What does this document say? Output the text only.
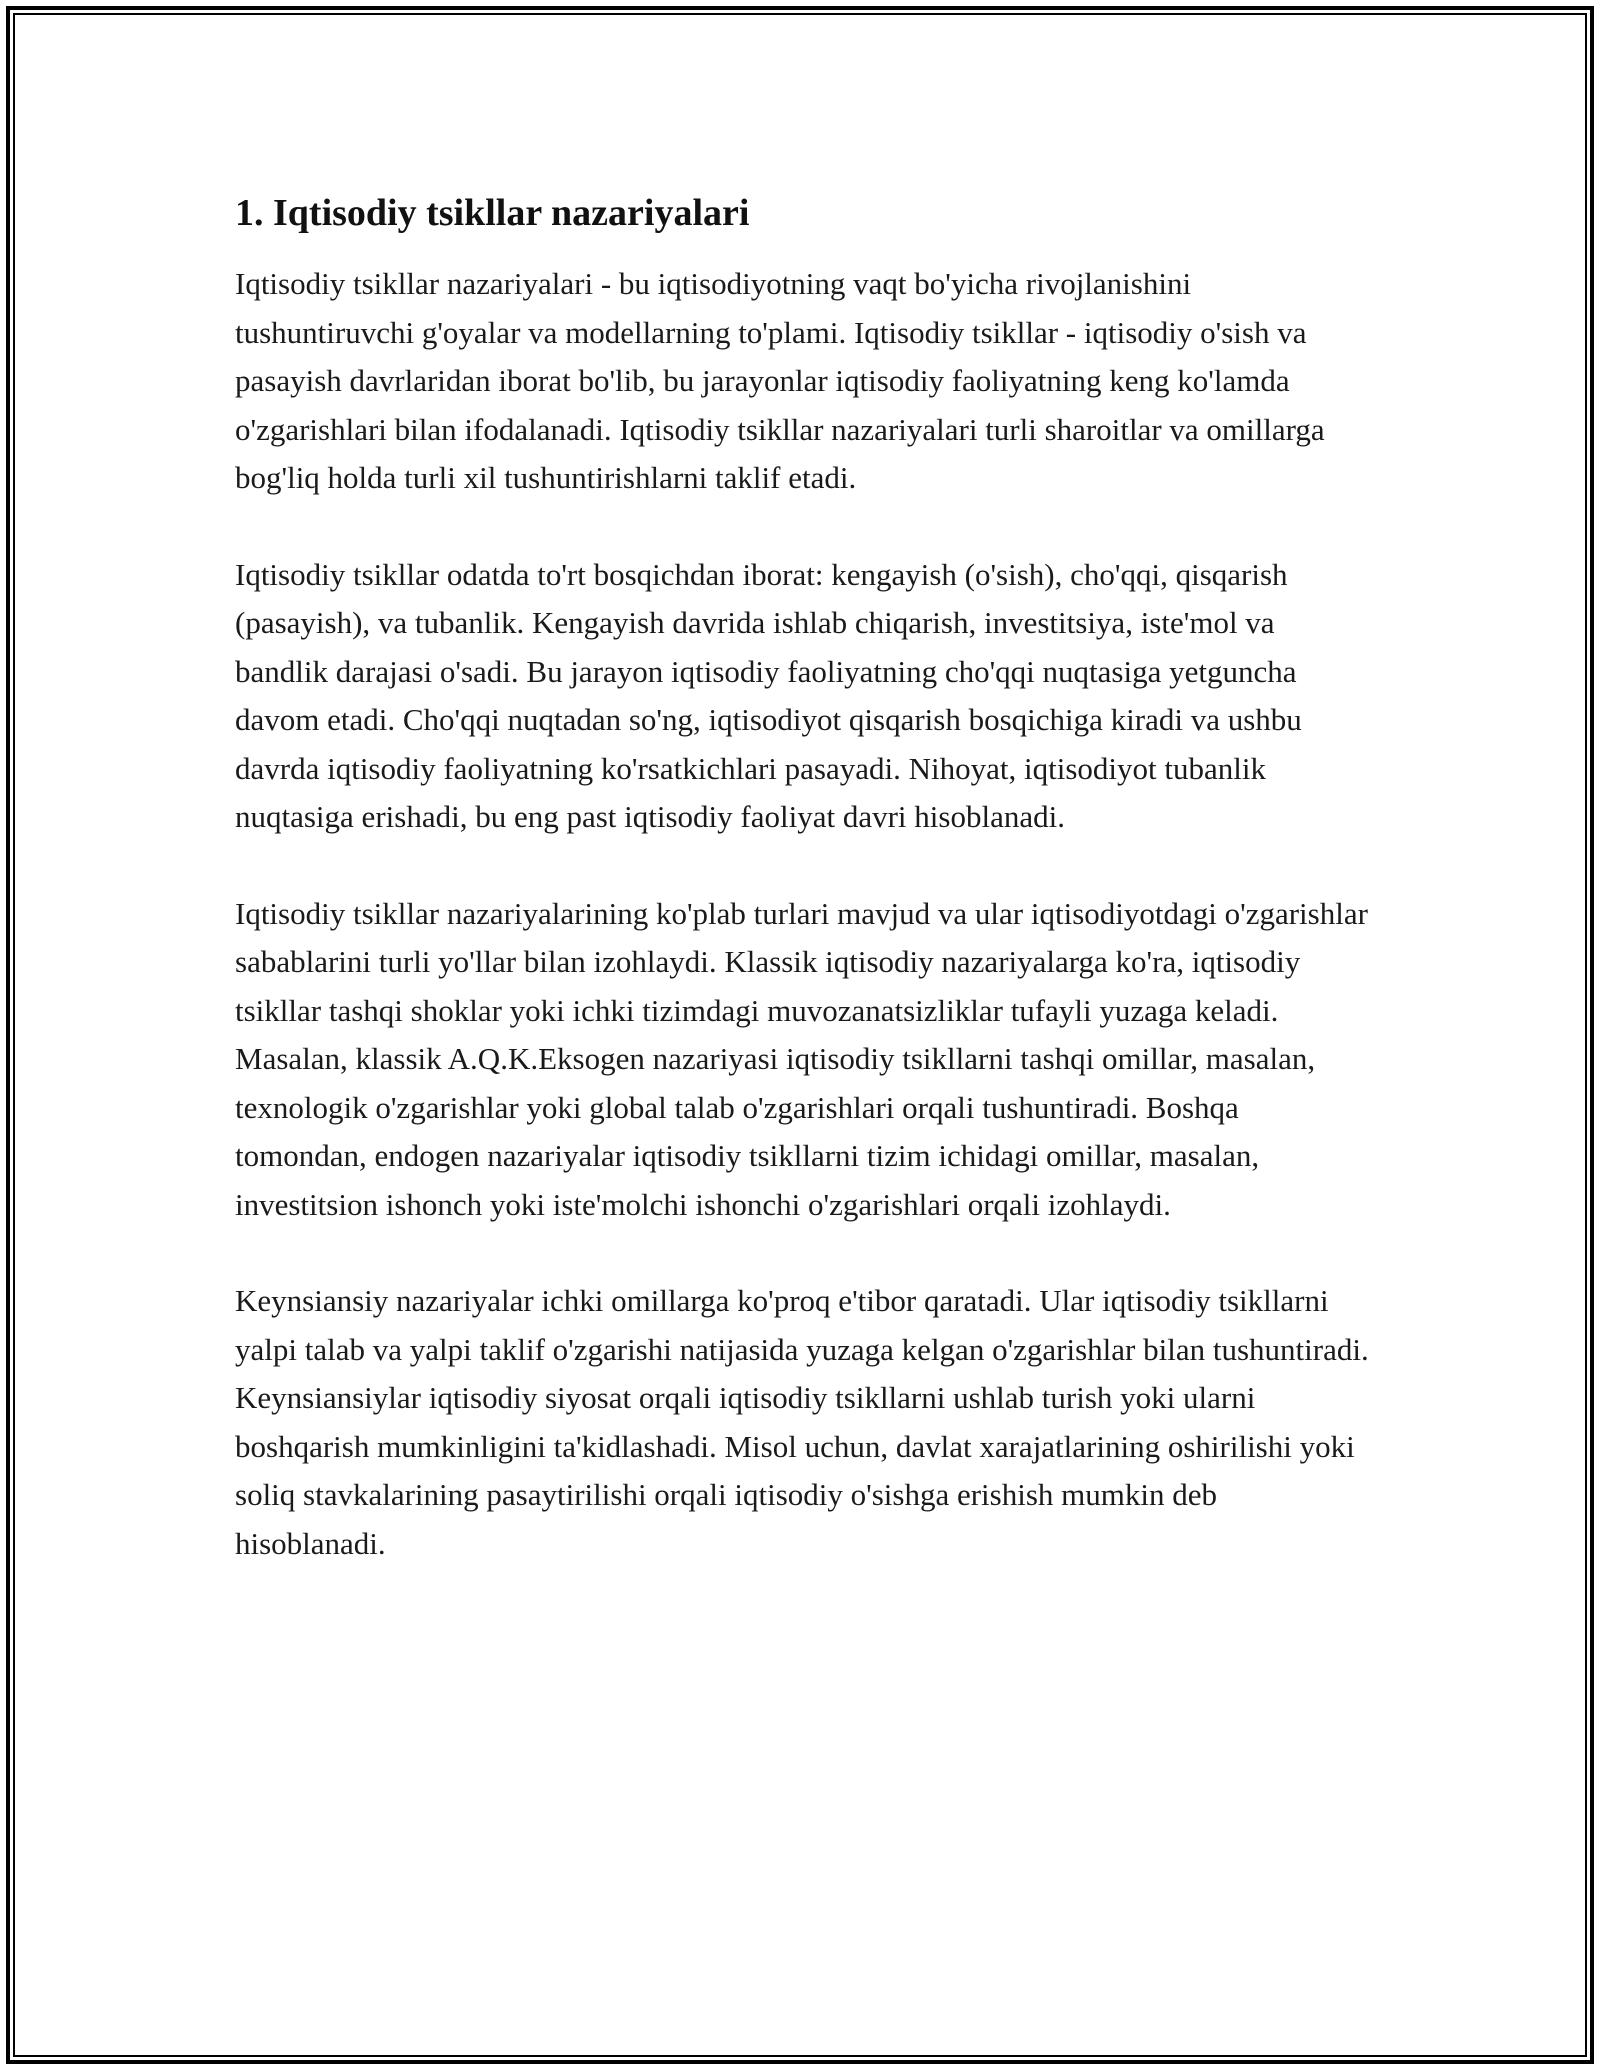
1. Iqtisodiy tsikllar nazariyalari

Iqtisodiy tsikllar nazariyalari - bu iqtisodiyotning vaqt bo'yicha rivojlanishini tushuntiruvchi g'oyalar va modellarning to'plami. Iqtisodiy tsikllar - iqtisodiy o'sish va pasayish davrlaridan iborat bo'lib, bu jarayonlar iqtisodiy faoliyatning keng ko'lamda o'zgarishlari bilan ifodalanadi. Iqtisodiy tsikllar nazariyalari turli sharoitlar va omillarga bog'liq holda turli xil tushuntirishlarni taklif etadi.

Iqtisodiy tsikllar odatda to'rt bosqichdan iborat: kengayish (o'sish), cho'qqi, qisqarish (pasayish), va tubanlik. Kengayish davrida ishlab chiqarish, investitsiya, iste'mol va bandlik darajasi o'sadi. Bu jarayon iqtisodiy faoliyatning cho'qqi nuqtasiga yetguncha davom etadi. Cho'qqi nuqtadan so'ng, iqtisodiyot qisqarish bosqichiga kiradi va ushbu davrda iqtisodiy faoliyatning ko'rsatkichlari pasayadi. Nihoyat, iqtisodiyot tubanlik nuqtasiga erishadi, bu eng past iqtisodiy faoliyat davri hisoblanadi.

Iqtisodiy tsikllar nazariyalarining ko'plab turlari mavjud va ular iqtisodiyotdagi o'zgarishlar sabablarini turli yo'llar bilan izohlaydi. Klassik iqtisodiy nazariyalarga ko'ra, iqtisodiy tsikllar tashqi shoklar yoki ichki tizimdagi muvozanatsizliklar tufayli yuzaga keladi. Masalan, klassik A.Q.K.Eksogen nazariyasi iqtisodiy tsikllarni tashqi omillar, masalan, texnologik o'zgarishlar yoki global talab o'zgarishlari orqali tushuntiradi. Boshqa tomondan, endogen nazariyalar iqtisodiy tsikllarni tizim ichidagi omillar, masalan, investitsion ishonch yoki iste'molchi ishonchi o'zgarishlari orqali izohlaydi.

Keynsiansiy nazariyalar ichki omillarga ko'proq e'tibor qaratadi. Ular iqtisodiy tsikllarni yalpi talab va yalpi taklif o'zgarishi natijasida yuzaga kelgan o'zgarishlar bilan tushuntiradi. Keynsiansiylar iqtisodiy siyosat orqali iqtisodiy tsikllarni ushlab turish yoki ularni boshqarish mumkinligini ta'kidlashadi. Misol uchun, davlat xarajatlarining oshirilishi yoki soliq stavkalarining pasaytirilishi orqali iqtisodiy o'sishga erishish mumkin deb hisoblanadi.
